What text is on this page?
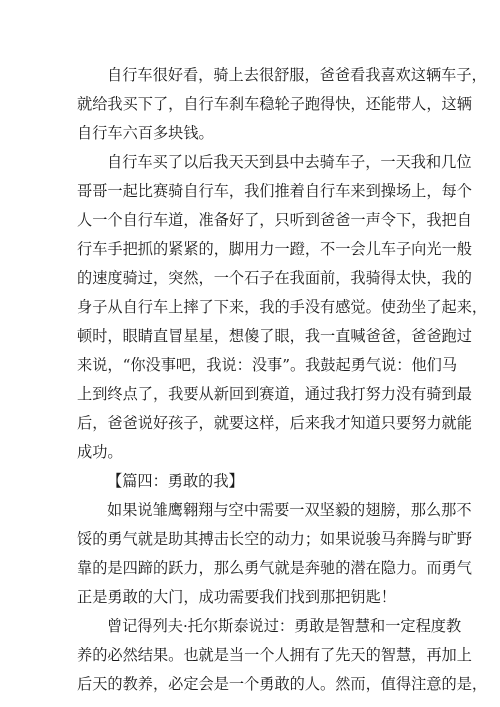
自行车很好看，骑上去很舒服，爸爸看我喜欢这辆车子，
就给我买下了，自行车刹车稳轮子跑得快，还能带人，这辆
自行车六百多块钱。
自行车买了以后我天天到县中去骑车子，一天我和几位
哥哥一起比赛骑自行车，我们推着自行车来到操场上，每个
人一个自行车道，准备好了，只听到爸爸一声令下，我把自
行车手把抓的紧紧的，脚用力一蹬，不一会儿车子向光一般
的速度骑过，突然，一个石子在我面前，我骑得太快，我的
身子从自行车上摔了下来，我的手没有感觉。使劲坐了起来，
顿时，眼睛直冒星星，想傻了眼，我一直喊爸爸，爸爸跑过
来说，“你没事吧，我说：没事”。我鼓起勇气说：他们马
上到终点了，我要从新回到赛道，通过我打努力没有骑到最
后，爸爸说好孩子，就要这样，后来我才知道只要努力就能
成功。
【篇四：勇敢的我】
如果说雏鹰翱翔与空中需要一双坚毅的翅膀，那么那不
馁的勇气就是助其搏击长空的动力；如果说骏马奔腾与旷野
靠的是四蹄的跃力，那么勇气就是奔驰的潜在隐力。而勇气
正是勇敢的大门，成功需要我们找到那把钥匙！
曾记得列夫·托尔斯泰说过：勇敢是智慧和一定程度教
养的必然结果。也就是当一个人拥有了先天的智慧，再加上
后天的教养，必定会是一个勇敢的人。然而，值得注意的是，
